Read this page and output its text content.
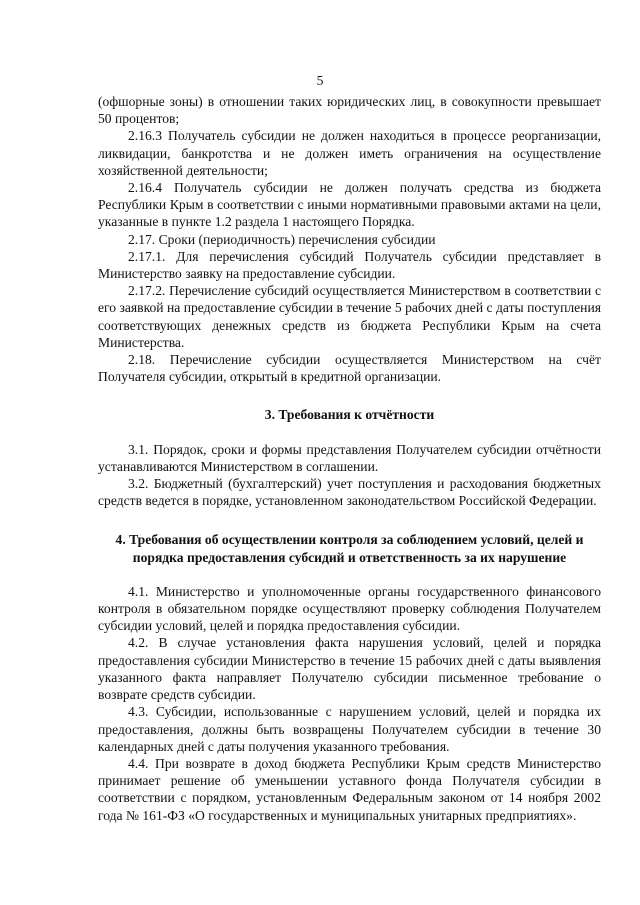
5

(офшорные зоны) в отношении таких юридических лиц, в совокупности превышает 50 процентов;

2.16.3 Получатель субсидии не должен находиться в процессе реорганизации, ликвидации, банкротства и не должен иметь ограничения на осуществление хозяйственной деятельности;

2.16.4 Получатель субсидии не должен получать средства из бюджета Республики Крым в соответствии с иными нормативными правовыми актами на цели, указанные в пункте 1.2 раздела 1 настоящего Порядка.

2.17. Сроки (периодичность) перечисления субсидии

2.17.1. Для перечисления субсидий Получатель субсидии представляет в Министерство заявку на предоставление субсидии.

2.17.2. Перечисление субсидий осуществляется Министерством в соответствии с его заявкой на предоставление субсидии в течение 5 рабочих дней с даты поступления соответствующих денежных средств из бюджета Республики Крым на счета Министерства.

2.18. Перечисление субсидии осуществляется Министерством на счёт Получателя субсидии, открытый в кредитной организации.

3. Требования к отчётности

3.1. Порядок, сроки и формы представления Получателем субсидии отчётности устанавливаются Министерством в соглашении.

3.2. Бюджетный (бухгалтерский) учет поступления и расходования бюджетных средств ведется в порядке, установленном законодательством Российской Федерации.

4. Требования об осуществлении контроля за соблюдением условий, целей и порядка предоставления субсидий и ответственность за их нарушение

4.1. Министерство и уполномоченные органы государственного финансового контроля в обязательном порядке осуществляют проверку соблюдения Получателем субсидии условий, целей и порядка предоставления субсидии.

4.2. В случае установления факта нарушения условий, целей и порядка предоставления субсидии Министерство в течение 15 рабочих дней с даты выявления указанного факта направляет Получателю субсидии письменное требование о возврате средств субсидии.

4.3. Субсидии, использованные с нарушением условий, целей и порядка их предоставления, должны быть возвращены Получателем субсидии в течение 30 календарных дней с даты получения указанного требования.

4.4. При возврате в доход бюджета Республики Крым средств Министерство принимает решение об уменьшении уставного фонда Получателя субсидии в соответствии с порядком, установленным Федеральным законом от 14 ноября 2002 года № 161-ФЗ «О государственных и муниципальных унитарных предприятиях».
